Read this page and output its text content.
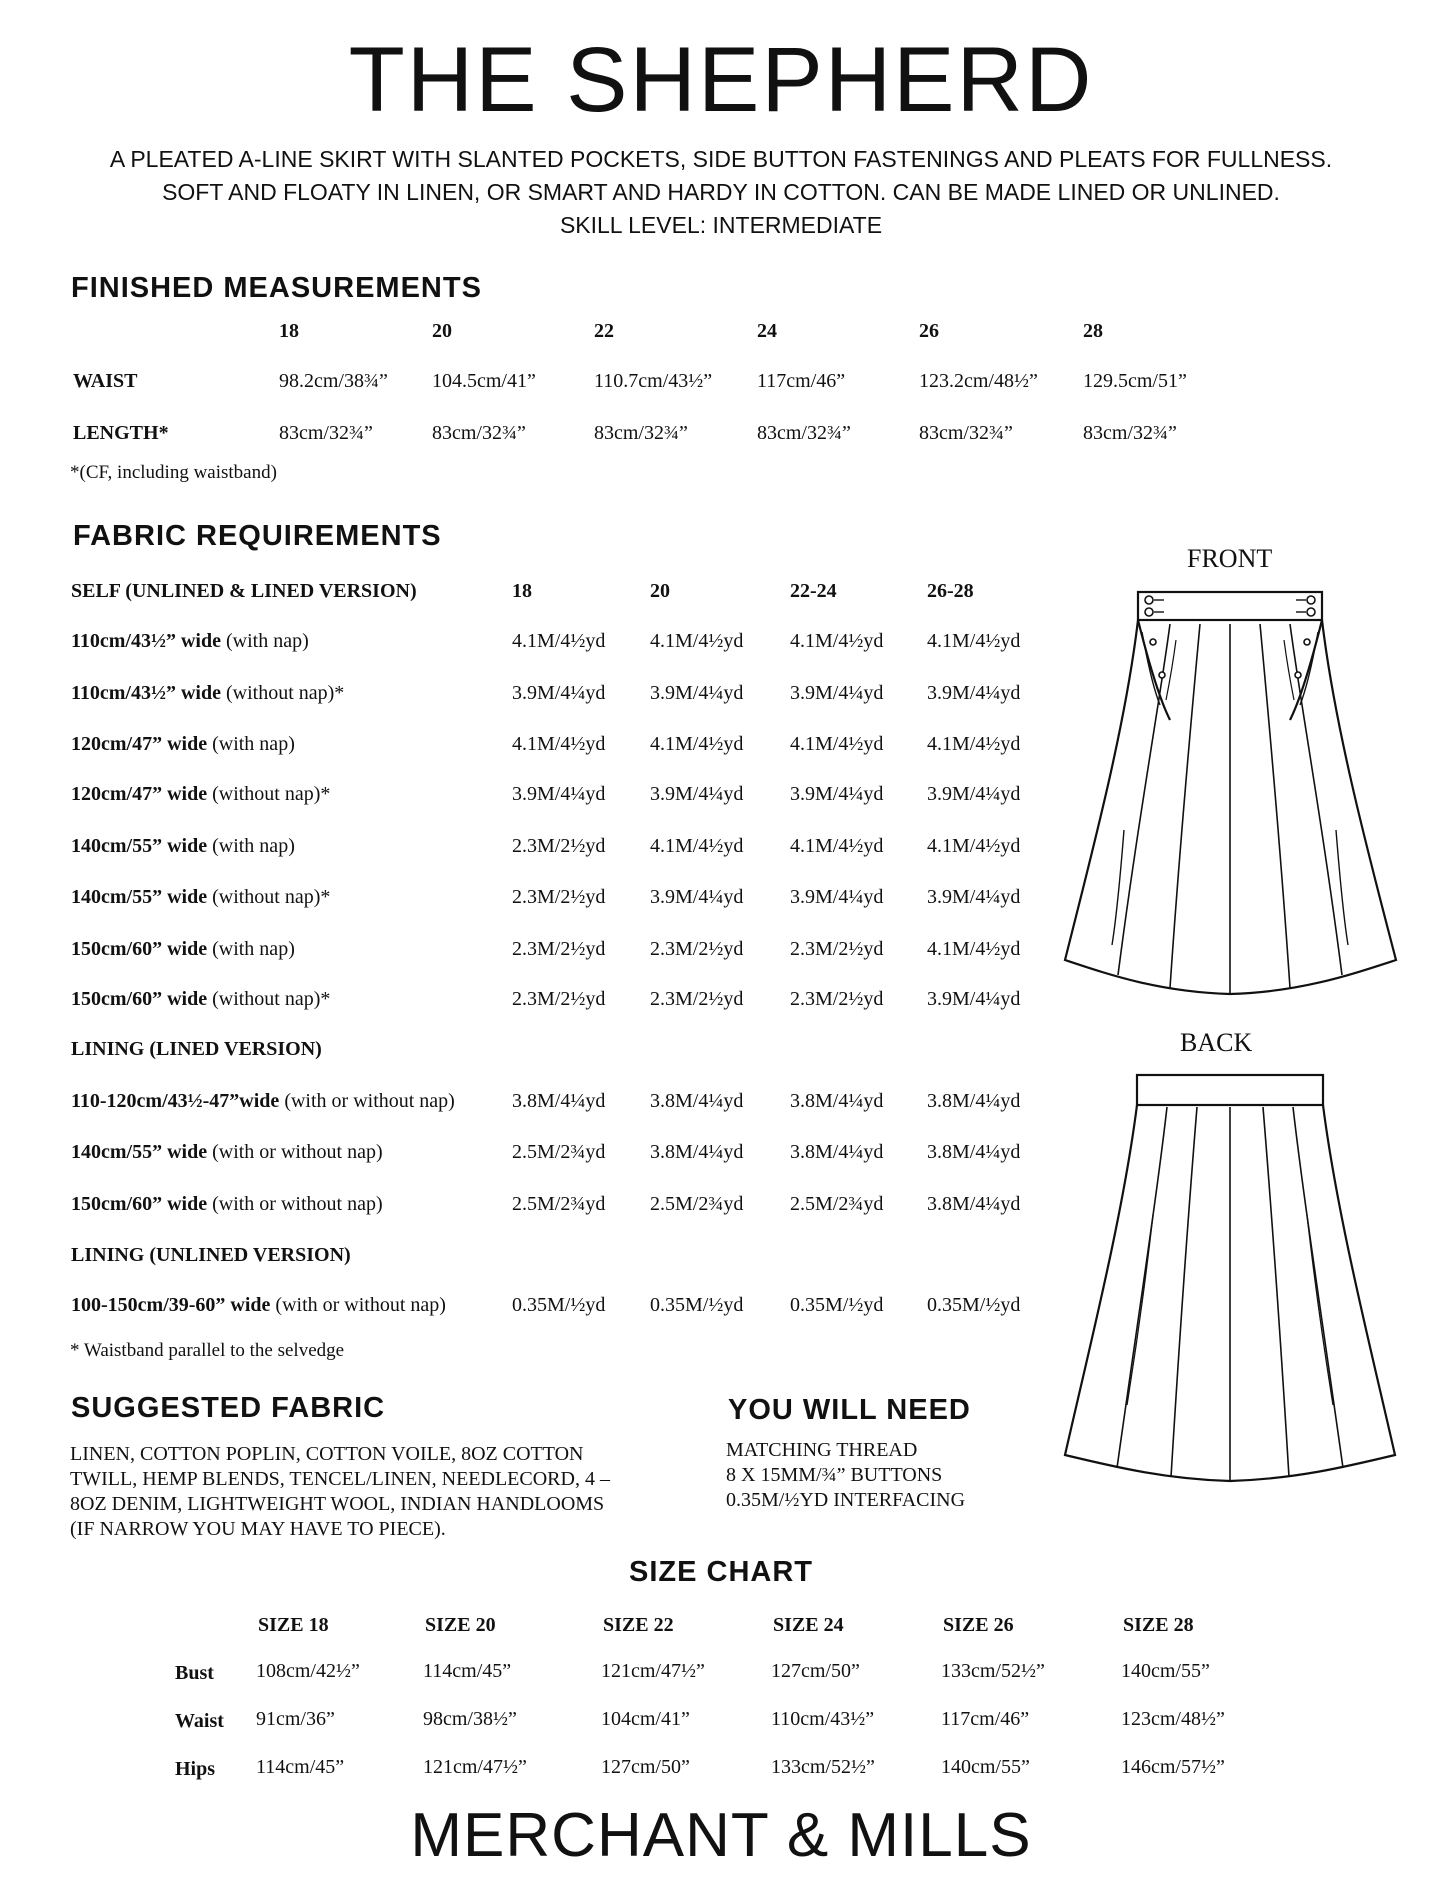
THE SHEPHERD
A PLEATED A-LINE SKIRT WITH SLANTED POCKETS, SIDE BUTTON FASTENINGS AND PLEATS FOR FULLNESS.
SOFT AND FLOATY IN LINEN, OR SMART AND HARDY IN COTTON. CAN BE MADE LINED OR UNLINED.
SKILL LEVEL: INTERMEDIATE
FINISHED MEASUREMENTS
18	20	22	24	26	28
WAIST	98.2cm/38¾” 104.5cm/41”	110.7cm/43½” 117cm/46”	123.2cm/48½” 129.5cm/51”
LENGTH*	83cm/32¾”	83cm/32¾”	83cm/32¾”	83cm/32¾”	83cm/32¾”	83cm/32¾”
*(CF, including waistband)
FABRIC REQUIREMENTS
SELF (UNLINED & LINED VERSION)	18	20	22-24	26-28
110cm/43½” wide (with nap)	4.1M/4½yd 4.1M/4½yd 4.1M/4½yd 4.1M/4½yd
110cm/43½” wide (without nap)*	3.9M/4¼yd 3.9M/4¼yd 3.9M/4¼yd 3.9M/4¼yd
120cm/47” wide (with nap)	4.1M/4½yd 4.1M/4½yd 4.1M/4½yd 4.1M/4½yd
120cm/47” wide (without nap)*	3.9M/4¼yd 3.9M/4¼yd 3.9M/4¼yd 3.9M/4¼yd
140cm/55” wide (with nap)	2.3M/2½yd 4.1M/4½yd 4.1M/4½yd 4.1M/4½yd
140cm/55” wide (without nap)*	2.3M/2½yd 3.9M/4¼yd 3.9M/4¼yd 3.9M/4¼yd
150cm/60” wide (with nap)	2.3M/2½yd 2.3M/2½yd 2.3M/2½yd 4.1M/4½yd
150cm/60” wide (without nap)*	2.3M/2½yd 2.3M/2½yd 2.3M/2½yd 3.9M/4¼yd
LINING (LINED VERSION)
110-120cm/43½-47”wide (with or without nap)	3.8M/4¼yd 3.8M/4¼yd 3.8M/4¼yd 3.8M/4¼yd
140cm/55” wide (with or without nap)	2.5M/2¾yd 3.8M/4¼yd 3.8M/4¼yd 3.8M/4¼yd
150cm/60” wide (with or without nap)	2.5M/2¾yd 2.5M/2¾yd 2.5M/2¾yd 3.8M/4¼yd
LINING (UNLINED VERSION)
100-150cm/39-60” wide (with or without nap)	0.35M/½yd 0.35M/½yd 0.35M/½yd 0.35M/½yd
* Waistband parallel to the selvedge
FRONT
BACK
SUGGESTED FABRIC
LINEN, COTTON POPLIN, COTTON VOILE, 8OZ COTTON
TWILL, HEMP BLENDS, TENCEL/LINEN, NEEDLECORD, 4 –
8OZ DENIM, LIGHTWEIGHT WOOL, INDIAN HANDLOOMS
(IF NARROW YOU MAY HAVE TO PIECE).
YOU WILL NEED
MATCHING THREAD
8 X 15MM/¾” BUTTONS
0.35M/½YD INTERFACING
SIZE CHART
SIZE 18	SIZE 20	SIZE 22	SIZE 24	SIZE 26	SIZE 28
Bust 108cm/42½”	114cm/45”	121cm/47½”	127cm/50”	133cm/52½”	140cm/55”
Waist 91cm/36”	98cm/38½”	104cm/41”	110cm/43½”	117cm/46”	123cm/48½”
Hips 114cm/45”	121cm/47½”	127cm/50”	133cm/52½”	140cm/55”	146cm/57½”
MERCHANT & MILLS
